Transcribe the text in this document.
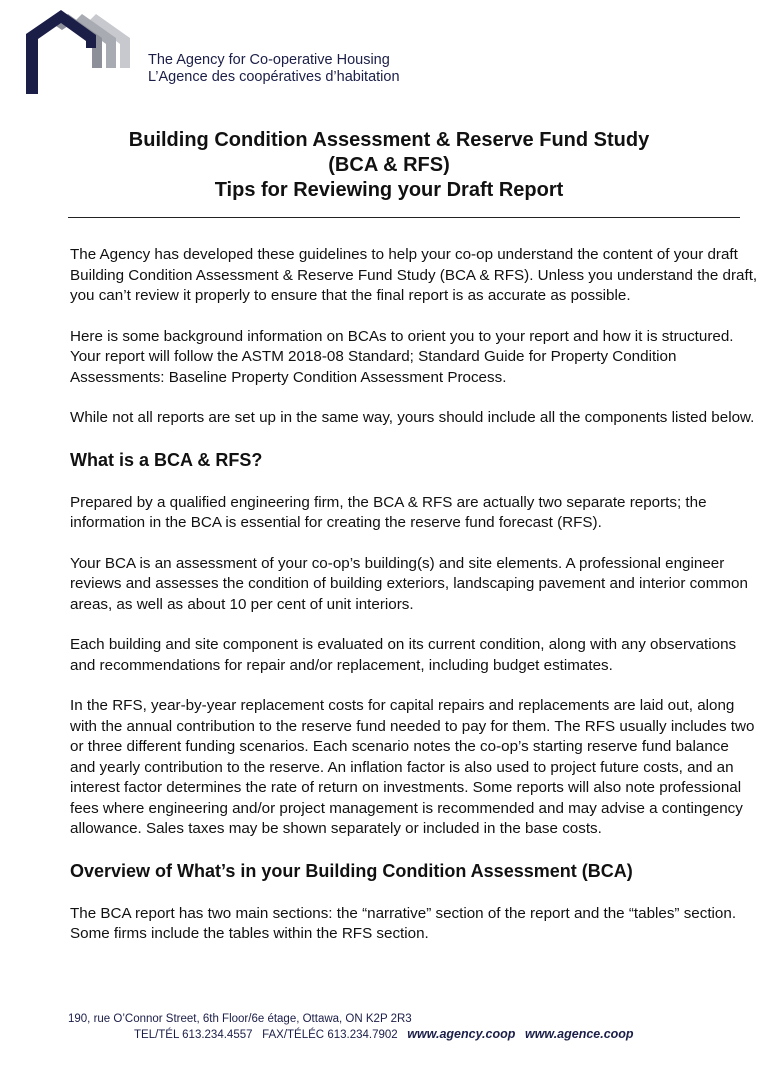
The Agency for Co-operative Housing
L’Agence des coopératives d’habitation
Building Condition Assessment & Reserve Fund Study
(BCA & RFS)
Tips for Reviewing your Draft Report

The Agency has developed these guidelines to help your co-op understand the content of your draft Building Condition Assessment & Reserve Fund Study (BCA & RFS). Unless you understand the draft, you can’t review it properly to ensure that the final report is as accurate as possible.

Here is some background information on BCAs to orient you to your report and how it is structured. Your report will follow the ASTM 2018-08 Standard; Standard Guide for Property Condition Assessments: Baseline Property Condition Assessment Process.

While not all reports are set up in the same way, yours should include all the components listed below.

What is a BCA & RFS?

Prepared by a qualified engineering firm, the BCA & RFS are actually two separate reports; the information in the BCA is essential for creating the reserve fund forecast (RFS).

Your BCA is an assessment of your co-op’s building(s) and site elements. A professional engineer reviews and assesses the condition of building exteriors, landscaping pavement and interior common areas, as well as about 10 per cent of unit interiors.

Each building and site component is evaluated on its current condition, along with any observations and recommendations for repair and/or replacement, including budget estimates.

In the RFS, year-by-year replacement costs for capital repairs and replacements are laid out, along with the annual contribution to the reserve fund needed to pay for them. The RFS usually includes two or three different funding scenarios. Each scenario notes the co-op’s starting reserve fund balance and yearly contribution to the reserve. An inflation factor is also used to project future costs, and an interest factor determines the rate of return on investments. Some reports will also note professional fees where engineering and/or project management is recommended and may advise a contingency allowance. Sales taxes may be shown separately or included in the base costs.

Overview of What’s in your Building Condition Assessment (BCA)

The BCA report has two main sections: the “narrative” section of the report and the “tables” section. Some firms include the tables within the RFS section.

190, rue O’Connor Street, 6th Floor/6e étage, Ottawa, ON K2P 2R3
TEL/TÉL 613.234.4557 FAX/TÉLÉC 613.234.7902 www.agency.coop www.agence.coop
